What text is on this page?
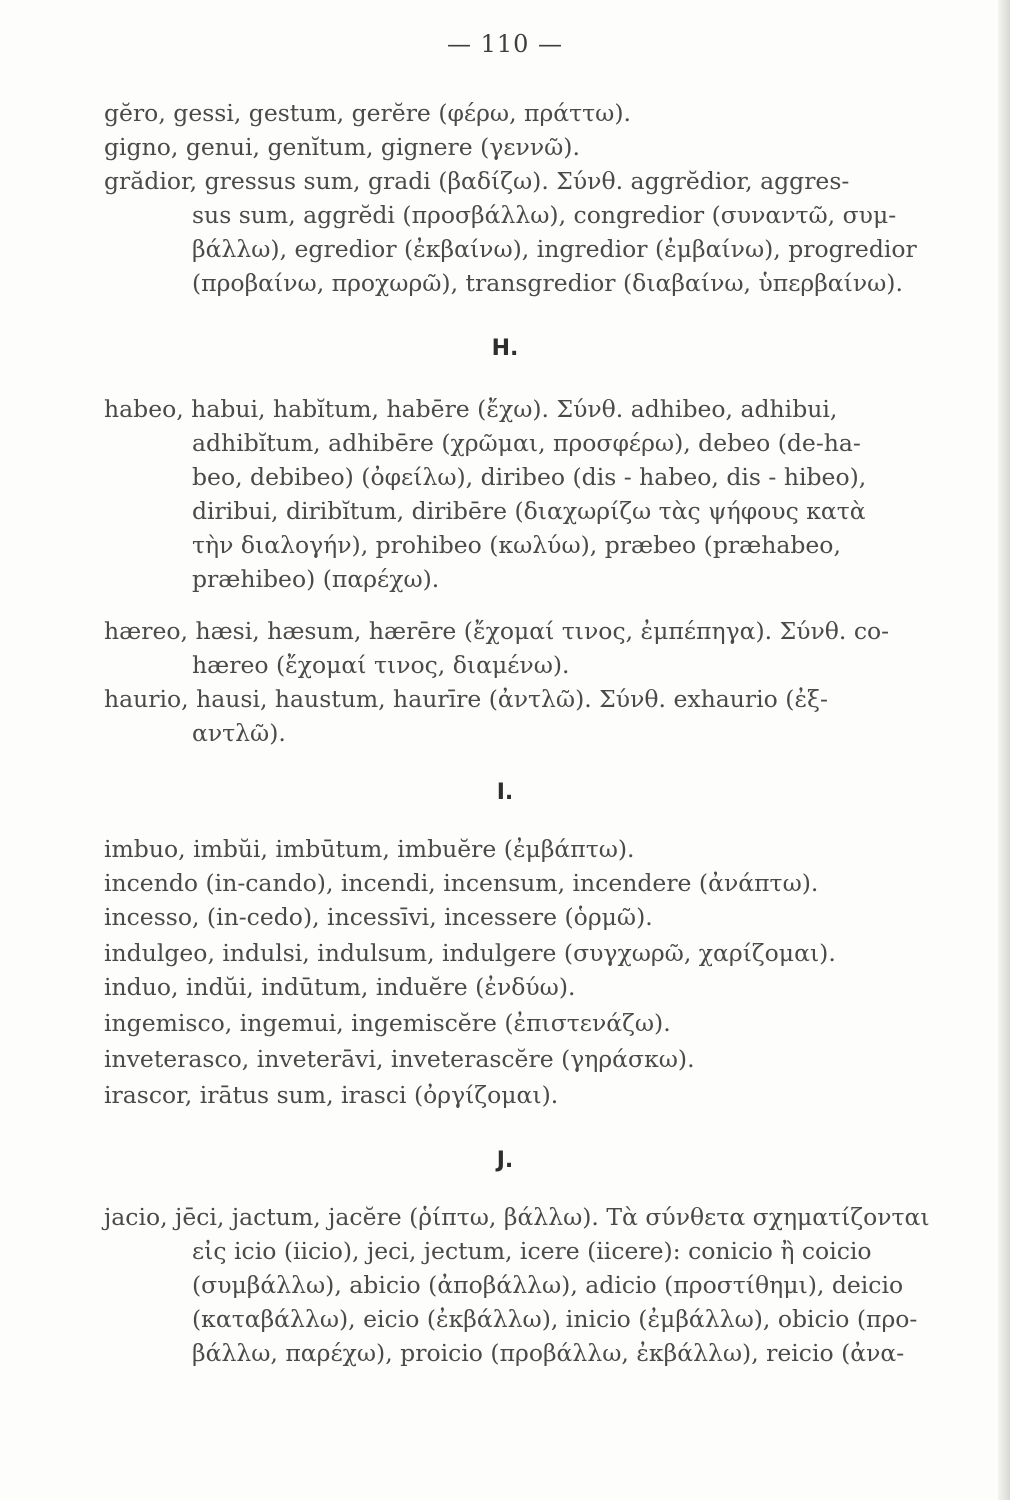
— 110 —
gĕro, gessi, gestum, gerĕre (φέρω, πράττω).
gigno, genui, genĭtum, gignere (γεννῶ).
grădior, gressus sum, gradi (βαδίζω). Σύνθ. aggrĕdior, aggres-
sus sum, aggrĕdi (προσβάλλω), congredior (συναντῶ, συμ-
βάλλω), egredior (ἐκβαίνω), ingredior (ἐμβαίνω), progredior
(προβαίνω, προχωρῶ), transgredior (διαβαίνω, ὑπερβαίνω).
H.
habeo, habui, habĭtum, habēre (ἔχω). Σύνθ. adhibeo, adhibui,
adhibĭtum, adhibēre (χρῶμαι, προσφέρω), debeo (de-ha-
beo, debibeo) (ὀφείλω), diribeo (dis - habeo, dis - hibeo),
diribui, diribĭtum, diribēre (διαχωρίζω τὰς ψήφους κατὰ
τὴν διαλογήν), prohibeo (κωλύω), præbeo (præhabeo,
præhibeo) (παρέχω).
hæreo, hæsi, hæsum, hærēre (ἔχομαί τινος, ἐμπέπηγα). Σύνθ. co-
hæreo (ἔχομαί τινος, διαμένω).
haurio, hausi, haustum, haurīre (ἀντλῶ). Σύνθ. exhaurio (ἐξ-
αντλῶ).
I.
imbuo, imbŭi, imbūtum, imbuĕre (ἐμβάπτω).
incendo (in-cando), incendi, incensum, incendere (ἀνάπτω).
incesso, (in-cedo), incessīvi, incessere (ὁρμῶ).
indulgeo, indulsi, indulsum, indulgere (συγχωρῶ, χαρίζομαι).
induo, indŭi, indūtum, induĕre (ἐνδύω).
ingemisco, ingemui, ingemiscĕre (ἐπιστενάζω).
inveterasco, inveterāvi, inveterascĕre (γηράσκω).
irascor, irātus sum, irasci (ὀργίζομαι).
J.
jacio, jēci, jactum, jacĕre (ῥίπτω, βάλλω). Τὰ σύνθετα σχηματίζονται
εἰς icio (iicio), jeci, jectum, icere (iicere): conicio ἢ coicio
(συμβάλλω), abicio (ἀποβάλλω), adicio (προστίθημι), deicio
(καταβάλλω), eicio (ἐκβάλλω), inicio (ἐμβάλλω), obicio (προ-
βάλλω, παρέχω), proicio (προβάλλω, ἐκβάλλω), reicio (ἀνα-
